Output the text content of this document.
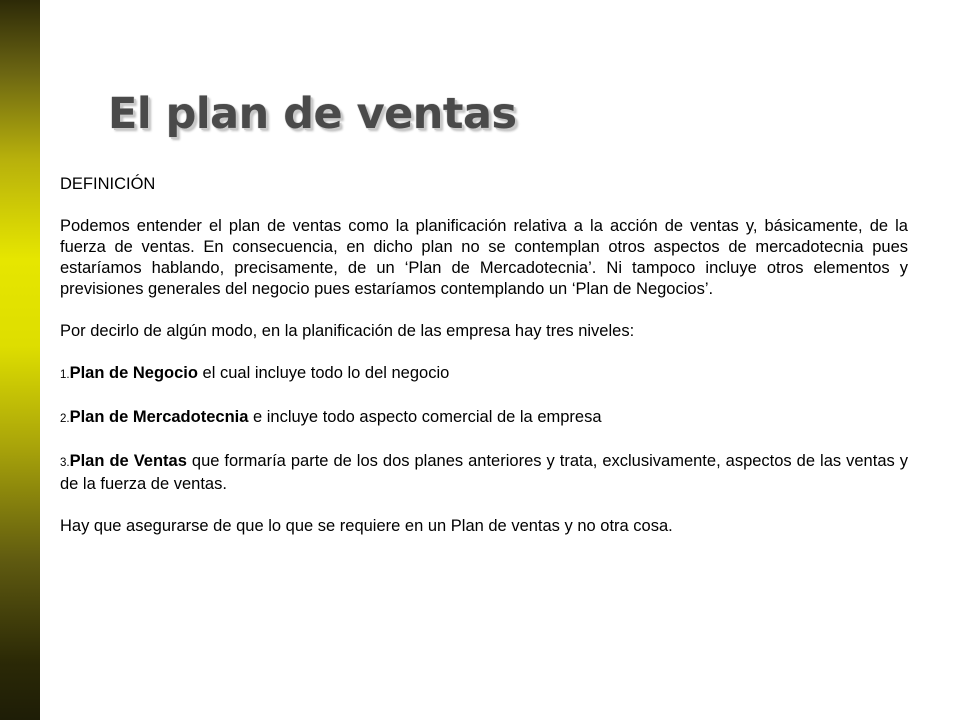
El plan de ventas

DEFINICIÓN

Podemos entender el plan de ventas como la planificación relativa a la acción de ventas y, básicamente, de la fuerza de ventas. En consecuencia, en dicho plan no se contemplan otros aspectos de mercadotecnia pues estaríamos hablando, precisamente, de un ‘Plan de Mercadotecnia’. Ni tampoco incluye otros elementos y previsiones generales del negocio pues estaríamos contemplando un ‘Plan de Negocios’.

Por decirlo de algún modo, en la planificación de las empresa hay tres niveles:

1.Plan de Negocio el cual incluye todo lo del negocio

2.Plan de Mercadotecnia e incluye todo aspecto comercial de la empresa

3.Plan de Ventas que formaría parte de los dos planes anteriores y trata, exclusivamente, aspectos de las ventas y de la fuerza de ventas.

Hay que asegurarse de que lo que se requiere en un Plan de ventas y no otra cosa.
